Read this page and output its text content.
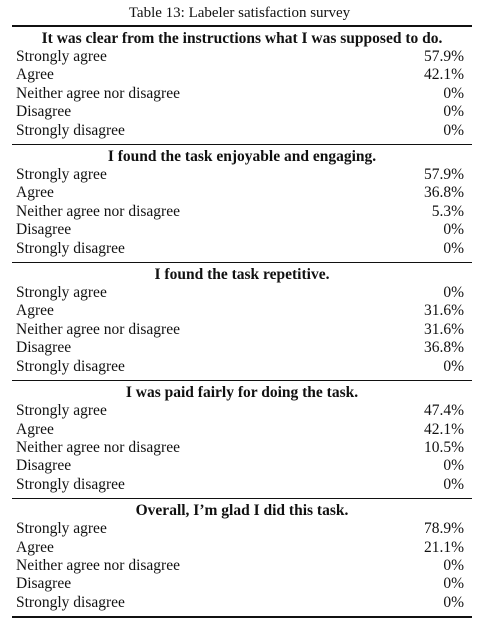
Table 13: Labeler satisfaction survey
It was clear from the instructions what I was supposed to do.
Strongly agree	57.9%
Agree	42.1%
Neither agree nor disagree	0%
Disagree	0%
Strongly disagree	0%
I found the task enjoyable and engaging.
Strongly agree	57.9%
Agree	36.8%
Neither agree nor disagree	5.3%
Disagree	0%
Strongly disagree	0%
I found the task repetitive.
Strongly agree	0%
Agree	31.6%
Neither agree nor disagree	31.6%
Disagree	36.8%
Strongly disagree	0%
I was paid fairly for doing the task.
Strongly agree	47.4%
Agree	42.1%
Neither agree nor disagree	10.5%
Disagree	0%
Strongly disagree	0%
Overall, I’m glad I did this task.
Strongly agree	78.9%
Agree	21.1%
Neither agree nor disagree	0%
Disagree	0%
Strongly disagree	0%
